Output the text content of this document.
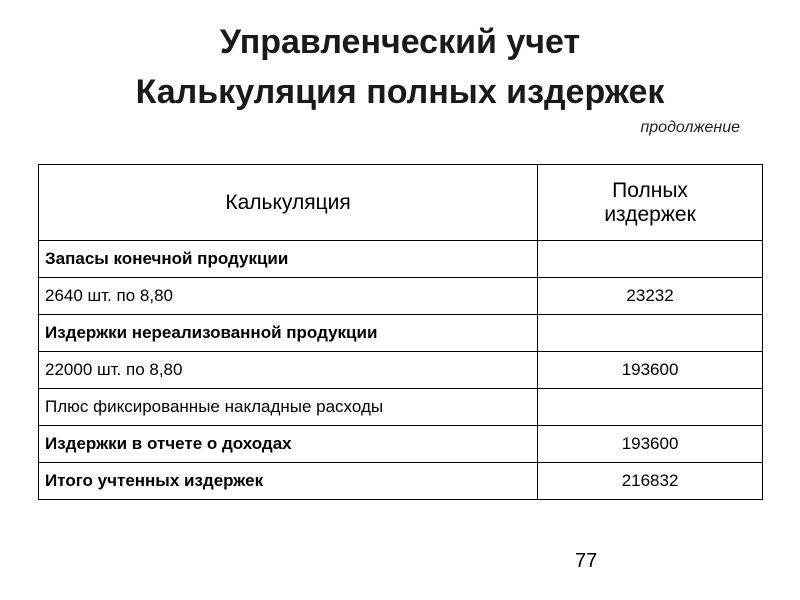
Управленческий учет
Калькуляция полных издержек
продолжение
Калькуляция	Полных
издержек
Запасы конечной продукции	
2640 шт. по 8,80	23232
Издержки нереализованной продукции	
22000 шт. по 8,80	193600
Плюс фиксированные накладные расходы	
Издержки в отчете о доходах	193600
Итого учтенных издержек	216832
77
